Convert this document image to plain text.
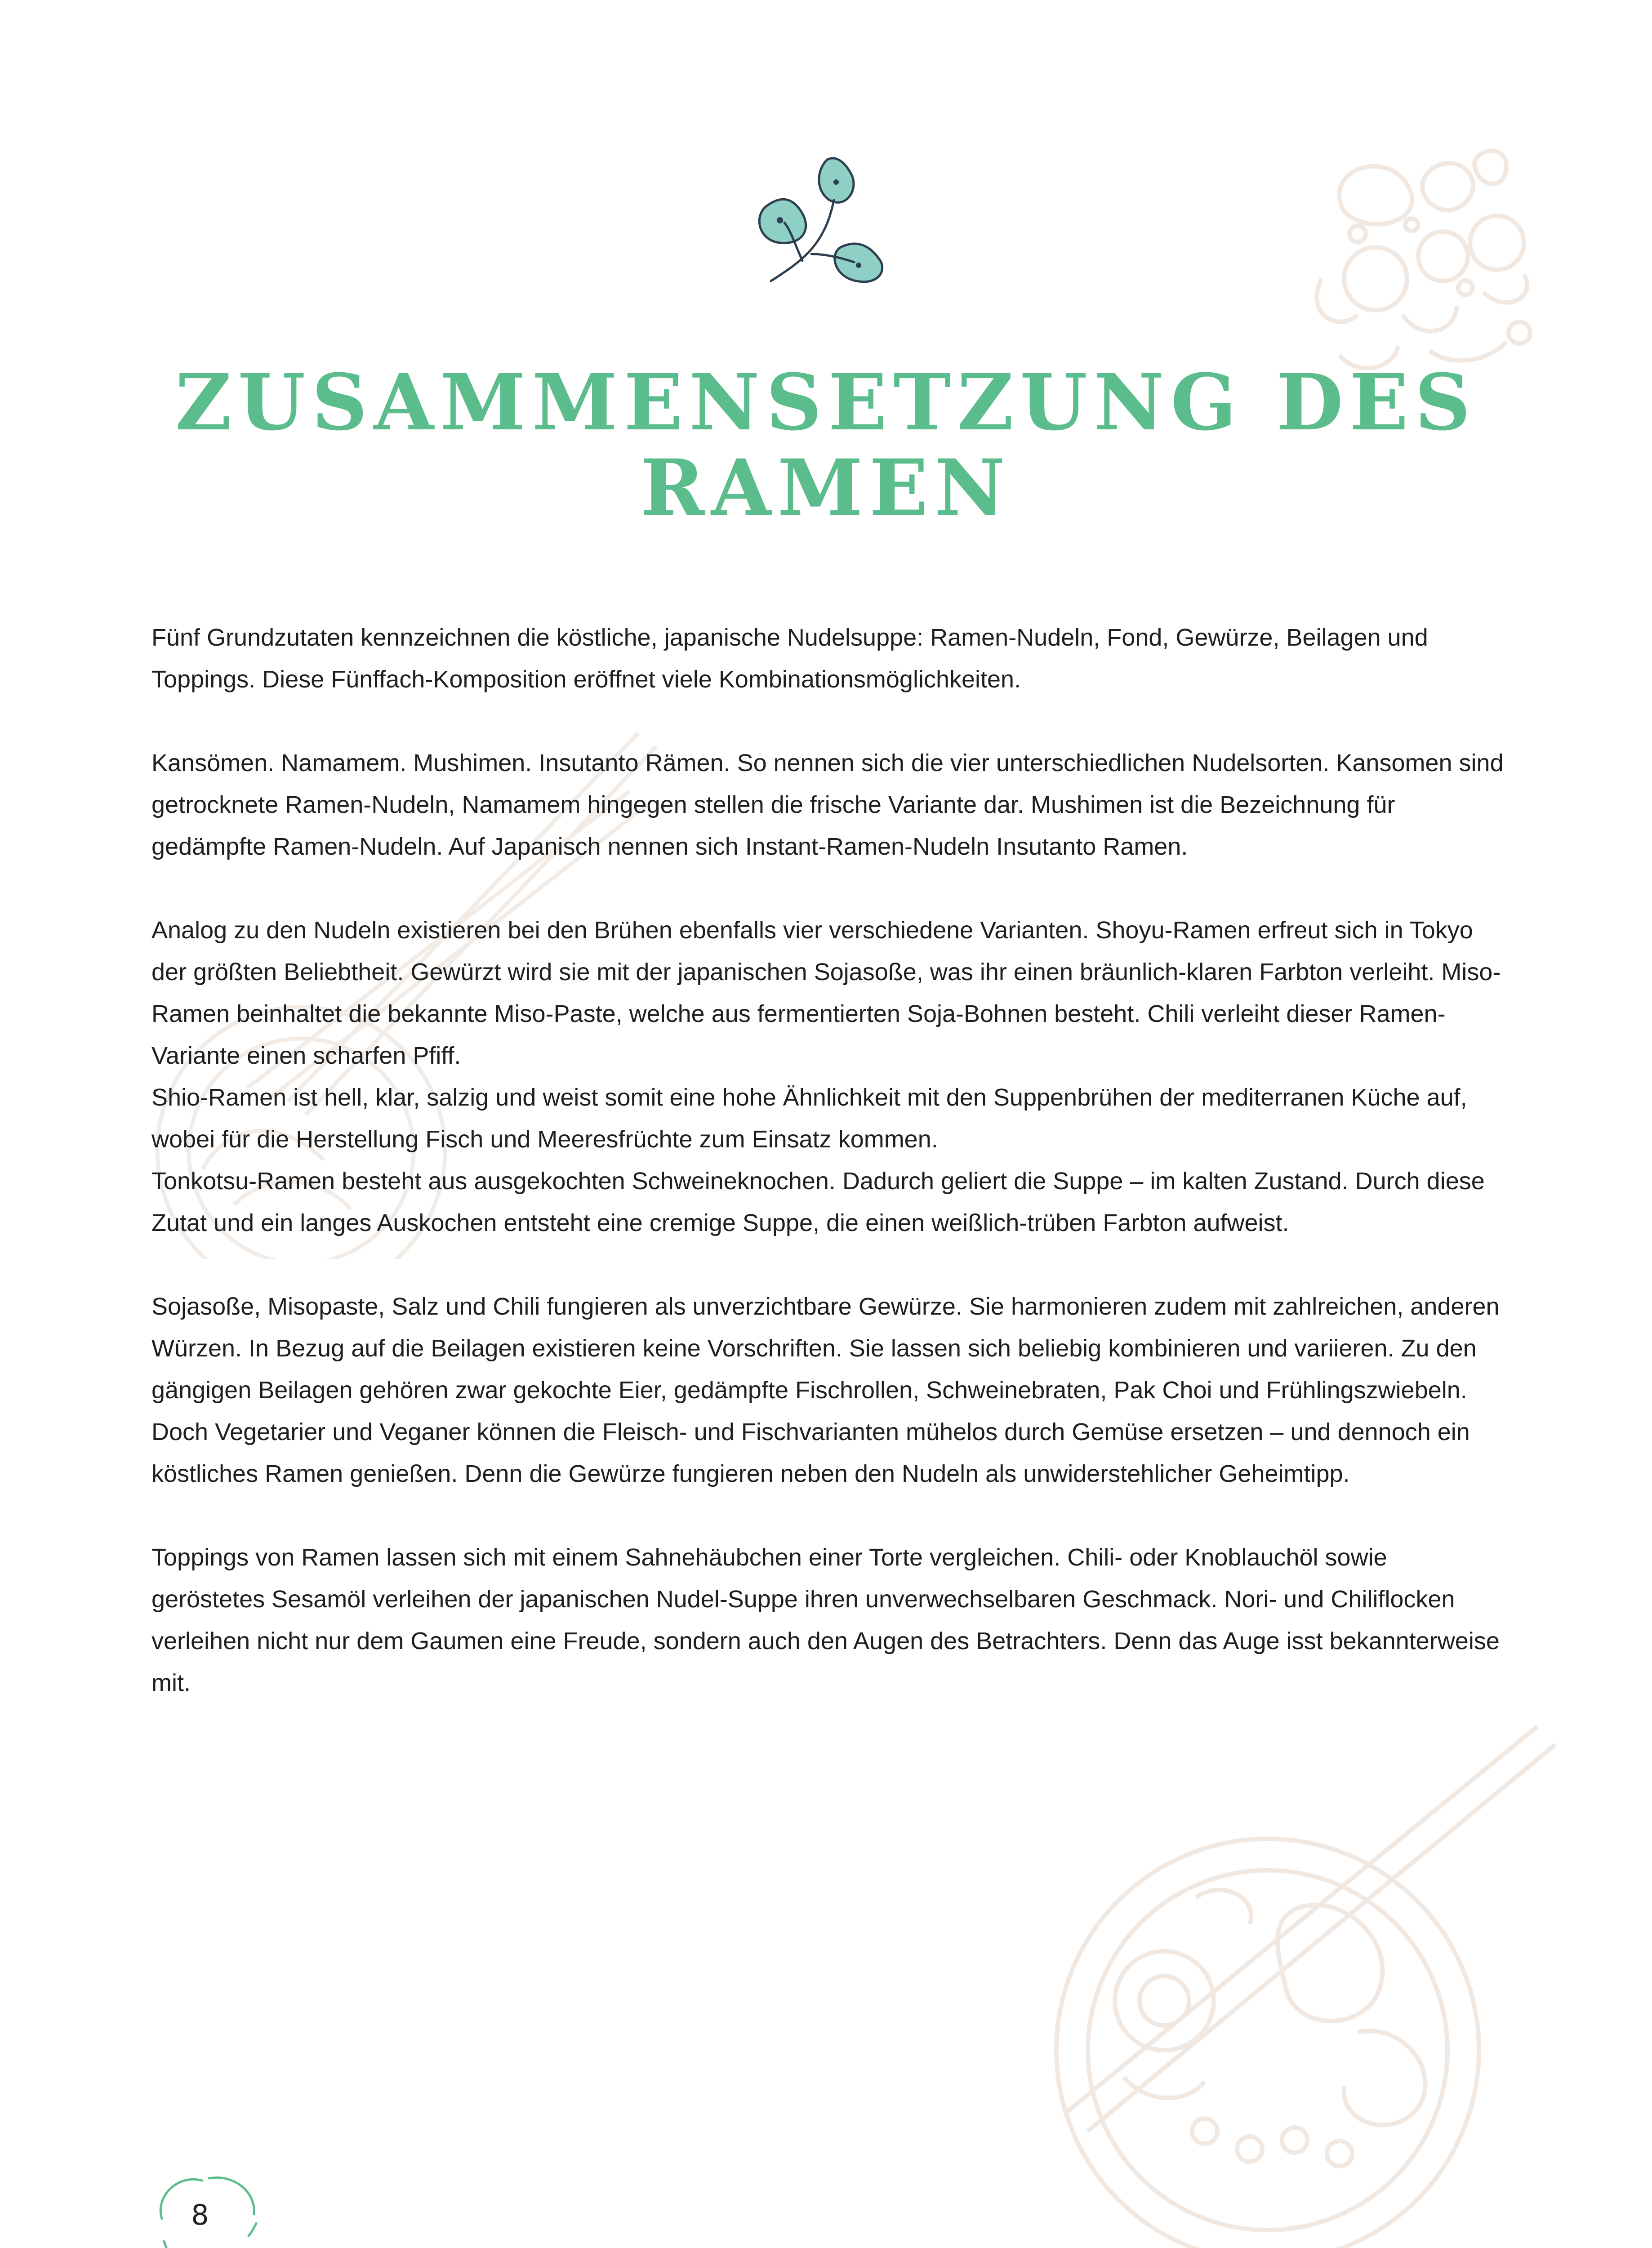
ZUSAMMENSETZUNG DES
RAMEN

Fünf Grundzutaten kennzeichnen die köstliche, japanische Nudelsuppe: Ramen-Nudeln, Fond, Gewürze, Beilagen und Toppings. Diese Fünffach-Komposition eröffnet viele Kombinationsmöglichkeiten.

Kansömen. Namamem. Mushimen. Insutanto Rämen. So nennen sich die vier unterschiedlichen Nudelsorten. Kansomen sind getrocknete Ramen-Nudeln, Namamem hingegen stellen die frische Variante dar. Mushimen ist die Bezeichnung für gedämpfte Ramen-Nudeln. Auf Japanisch nennen sich Instant-Ramen-Nudeln Insutanto Ramen.

Analog zu den Nudeln existieren bei den Brühen ebenfalls vier verschiedene Varianten. Shoyu-Ramen erfreut sich in Tokyo der größten Beliebtheit. Gewürzt wird sie mit der japanischen Sojasoße, was ihr einen bräunlich-klaren Farbton verleiht. Miso-Ramen beinhaltet die bekannte Miso-Paste, welche aus fermentierten Soja-Bohnen besteht. Chili verleiht dieser Ramen-Variante einen scharfen Pfiff.

Shio-Ramen ist hell, klar, salzig und weist somit eine hohe Ähnlichkeit mit den Suppenbrühen der mediterranen Küche auf, wobei für die Herstellung Fisch und Meeresfrüchte zum Einsatz kommen.

Tonkotsu-Ramen besteht aus ausgekochten Schweineknochen. Dadurch geliert die Suppe – im kalten Zustand. Durch diese Zutat und ein langes Auskochen entsteht eine cremige Suppe, die einen weißlich-trüben Farbton aufweist.

Sojasoße, Misopaste, Salz und Chili fungieren als unverzichtbare Gewürze. Sie harmonieren zudem mit zahlreichen, anderen Würzen. In Bezug auf die Beilagen existieren keine Vorschriften. Sie lassen sich beliebig kombinieren und variieren. Zu den gängigen Beilagen gehören zwar gekochte Eier, gedämpfte Fischrollen, Schweinebraten, Pak Choi und Frühlingszwiebeln. Doch Vegetarier und Veganer können die Fleisch- und Fischvarianten mühelos durch Gemüse ersetzen – und dennoch ein köstliches Ramen genießen. Denn die Gewürze fungieren neben den Nudeln als unwiderstehlicher Geheimtipp.

Toppings von Ramen lassen sich mit einem Sahnehäubchen einer Torte vergleichen. Chili- oder Knoblauchöl sowie geröstetes Sesamöl verleihen der japanischen Nudel-Suppe ihren unverwechselbaren Geschmack. Nori- und Chiliflocken verleihen nicht nur dem Gaumen eine Freude, sondern auch den Augen des Betrachters. Denn das Auge isst bekannterweise mit.

8
